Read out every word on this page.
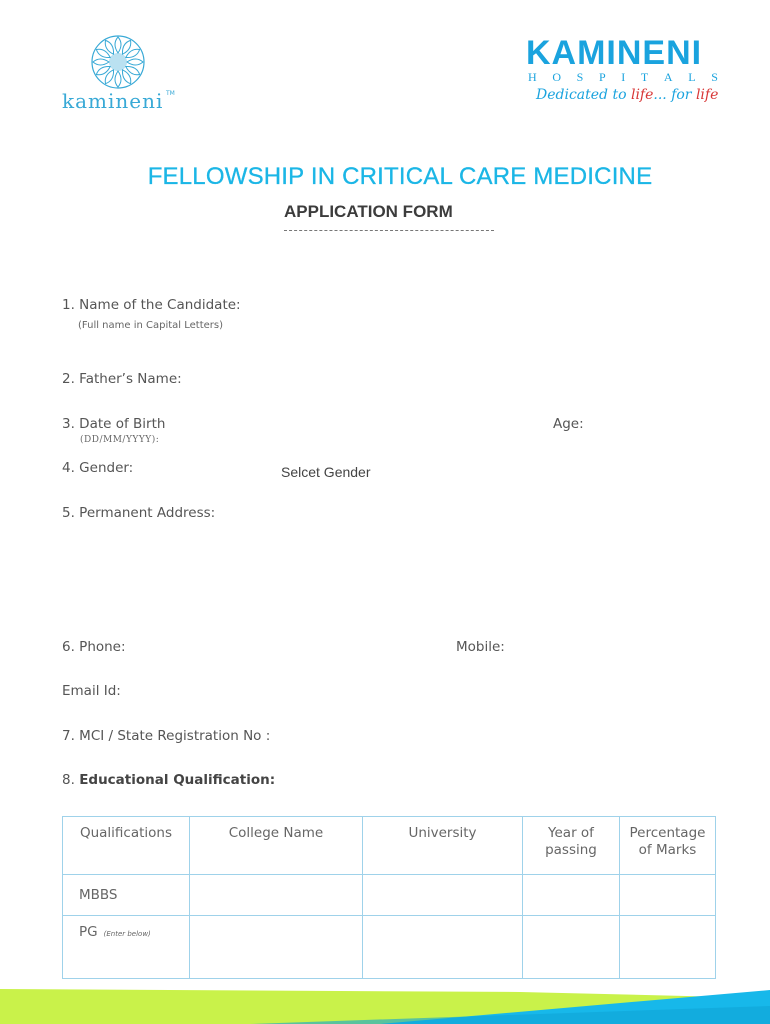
kamineni TM
KAMINENI
H O S P I T A L S
Dedicated to life... for life
FELLOWSHIP IN CRITICAL CARE MEDICINE
APPLICATION FORM
1. Name of the Candidate:
(Full name in Capital Letters)
2. Father’s Name:
3. Date of Birth
(DD/MM/YYYY):
Age:
4. Gender:	Selcet Gender
5. Permanent Address:
6. Phone:	Mobile:
Email Id:
7. MCI / State Registration No :
8. Educational Qualification:
Qualifications	College Name	University	Year of passing	Percentage of Marks
MBBS				
PG (Enter below)				
